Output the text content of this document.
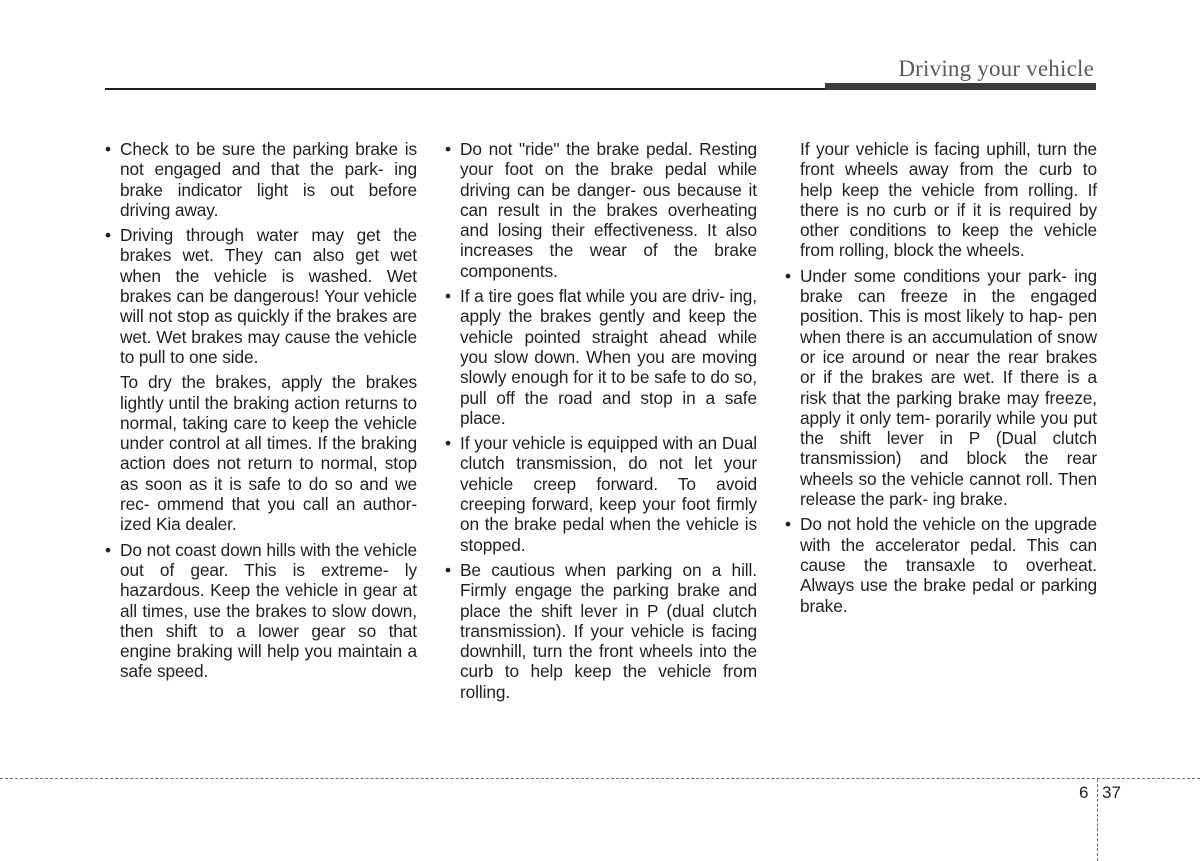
Driving your vehicle

• Check to be sure the parking brake is not engaged and that the park- ing brake indicator light is out before driving away.

• Driving through water may get the brakes wet. They can also get wet when the vehicle is washed. Wet brakes can be dangerous! Your vehicle will not stop as quickly if the brakes are wet. Wet brakes may cause the vehicle to pull to one side.

To dry the brakes, apply the brakes lightly until the braking action returns to normal, taking care to keep the vehicle under control at all times. If the braking action does not return to normal, stop as soon as it is safe to do so and we rec- ommend that you call an author- ized Kia dealer.

• Do not coast down hills with the vehicle out of gear. This is extreme- ly hazardous. Keep the vehicle in gear at all times, use the brakes to slow down, then shift to a lower gear so that engine braking will help you maintain a safe speed.

• Do not "ride" the brake pedal. Resting your foot on the brake pedal while driving can be danger- ous because it can result in the brakes overheating and losing their effectiveness. It also increases the wear of the brake components.

• If a tire goes flat while you are driv- ing, apply the brakes gently and keep the vehicle pointed straight ahead while you slow down. When you are moving slowly enough for it to be safe to do so, pull off the road and stop in a safe place.

• If your vehicle is equipped with an Dual clutch transmission, do not let your vehicle creep forward. To avoid creeping forward, keep your foot firmly on the brake pedal when the vehicle is stopped.

• Be cautious when parking on a hill. Firmly engage the parking brake and place the shift lever in P (dual clutch transmission). If your vehicle is facing downhill, turn the front wheels into the curb to help keep the vehicle from rolling.

If your vehicle is facing uphill, turn the front wheels away from the curb to help keep the vehicle from rolling. If there is no curb or if it is required by other conditions to keep the vehicle from rolling, block the wheels.

• Under some conditions your park- ing brake can freeze in the engaged position. This is most likely to hap- pen when there is an accumulation of snow or ice around or near the rear brakes or if the brakes are wet. If there is a risk that the parking brake may freeze, apply it only tem- porarily while you put the shift lever in P (Dual clutch transmission) and block the rear wheels so the vehicle cannot roll. Then release the park- ing brake.

• Do not hold the vehicle on the upgrade with the accelerator pedal. This can cause the transaxle to overheat. Always use the brake pedal or parking brake.

6 37
